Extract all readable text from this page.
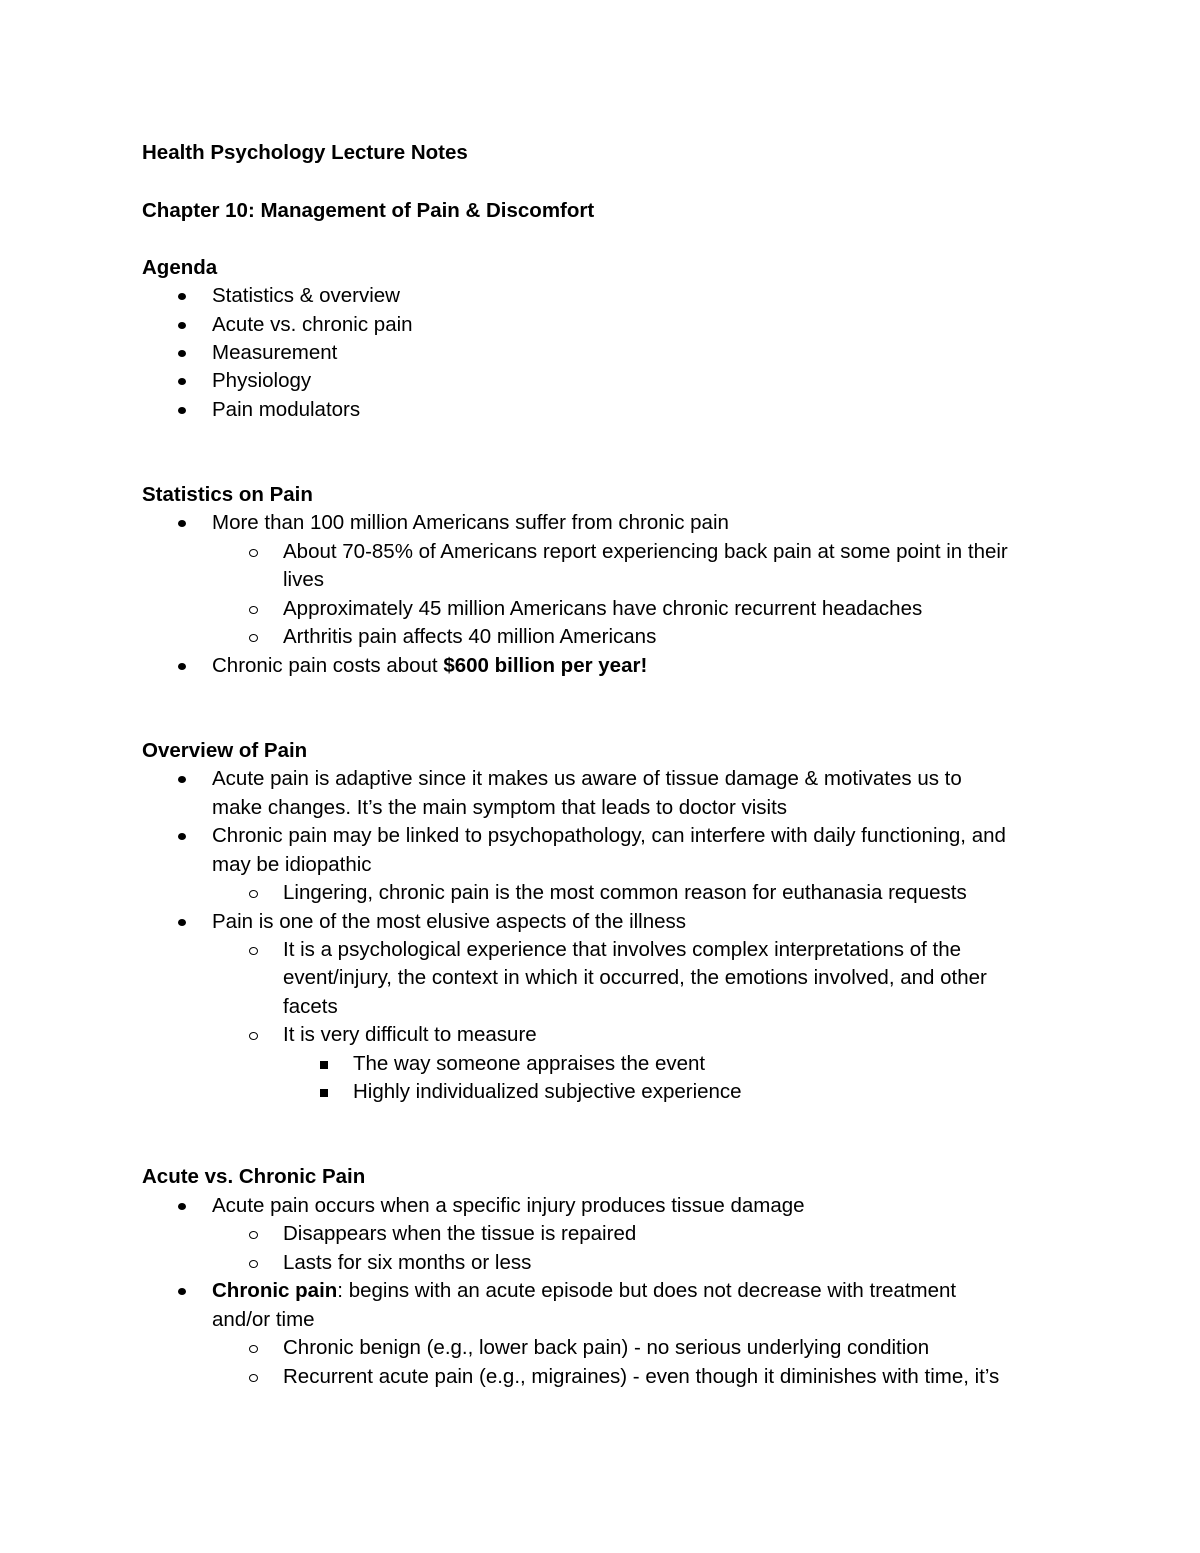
Health Psychology Lecture Notes
Chapter 10: Management of Pain & Discomfort
Agenda
Statistics & overview
Acute vs. chronic pain
Measurement
Physiology
Pain modulators
Statistics on Pain
More than 100 million Americans suffer from chronic pain
About 70-85% of Americans report experiencing back pain at some point in their
lives
Approximately 45 million Americans have chronic recurrent headaches
Arthritis pain affects 40 million Americans
Chronic pain costs about $600 billion per year!
Overview of Pain
Acute pain is adaptive since it makes us aware of tissue damage & motivates us to
make changes. It’s the main symptom that leads to doctor visits
Chronic pain may be linked to psychopathology, can interfere with daily functioning, and
may be idiopathic
Lingering, chronic pain is the most common reason for euthanasia requests
Pain is one of the most elusive aspects of the illness
It is a psychological experience that involves complex interpretations of the
event/injury, the context in which it occurred, the emotions involved, and other
facets
It is very difficult to measure
The way someone appraises the event
Highly individualized subjective experience
Acute vs. Chronic Pain
Acute pain occurs when a specific injury produces tissue damage
Disappears when the tissue is repaired
Lasts for six months or less
Chronic pain: begins with an acute episode but does not decrease with treatment
and/or time
Chronic benign (e.g., lower back pain) - no serious underlying condition
Recurrent acute pain (e.g., migraines) - even though it diminishes with time, it’s
